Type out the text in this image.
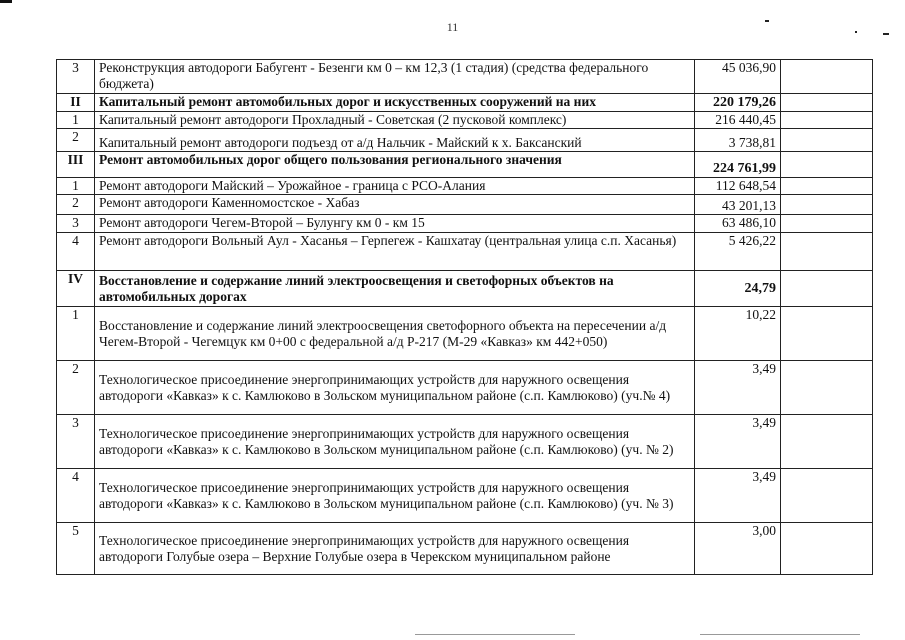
11
3	Реконструкция автодороги Бабугент - Безенги км 0 – км 12,3 (1 стадия) (средства федерального бюджета)	45 036,90	
II	Капитальный ремонт автомобильных дорог и искусственных сооружений на них	220 179,26	
1	Капитальный ремонт автодороги Прохладный - Советская (2 пусковой комплекс)	216 440,45	
2	Капитальный ремонт автодороги подъезд от а/д Нальчик - Майский к х. Баксанский	3 738,81	
III	Ремонт автомобильных дорог общего пользования регионального значения	224 761,99	
1	Ремонт автодороги Майский – Урожайное - граница с РСО-Алания	112 648,54	
2	Ремонт автодороги Каменномостское - Хабаз	43 201,13	
3	Ремонт автодороги Чегем-Второй – Булунгу км 0 - км 15	63 486,10	
4	Ремонт автодороги Вольный Аул - Хасанья – Герпегеж - Кашхатау (центральная улица с.п. Хасанья)	5 426,22	
IV	Восстановление и содержание линий электроосвещения и светофорных объектов на автомобильных дорогах	24,79	
1	Восстановление и содержание линий электроосвещения светофорного объекта на пересечении а/д Чегем-Второй - Чегемцук км 0+00 с федеральной а/д Р-217 (М-29 «Кавказ» км 442+050)	10,22	
2	Технологическое присоединение энергопринимающих устройств для наружного освещения автодороги «Кавказ» к с. Камлюково в Зольском муниципальном районе (с.п. Камлюково) (уч.№ 4)	3,49	
3	Технологическое присоединение энергопринимающих устройств для наружного освещения автодороги «Кавказ» к с. Камлюково в Зольском муниципальном районе (с.п. Камлюково) (уч. № 2)	3,49	
4	Технологическое присоединение энергопринимающих устройств для наружного освещения автодороги «Кавказ» к с. Камлюково в Зольском муниципальном районе (с.п. Камлюково) (уч. № 3)	3,49	
5	Технологическое присоединение энергопринимающих устройств для наружного освещения автодороги Голубые озера – Верхние Голубые озера в Черекском муниципальном районе	3,00	
